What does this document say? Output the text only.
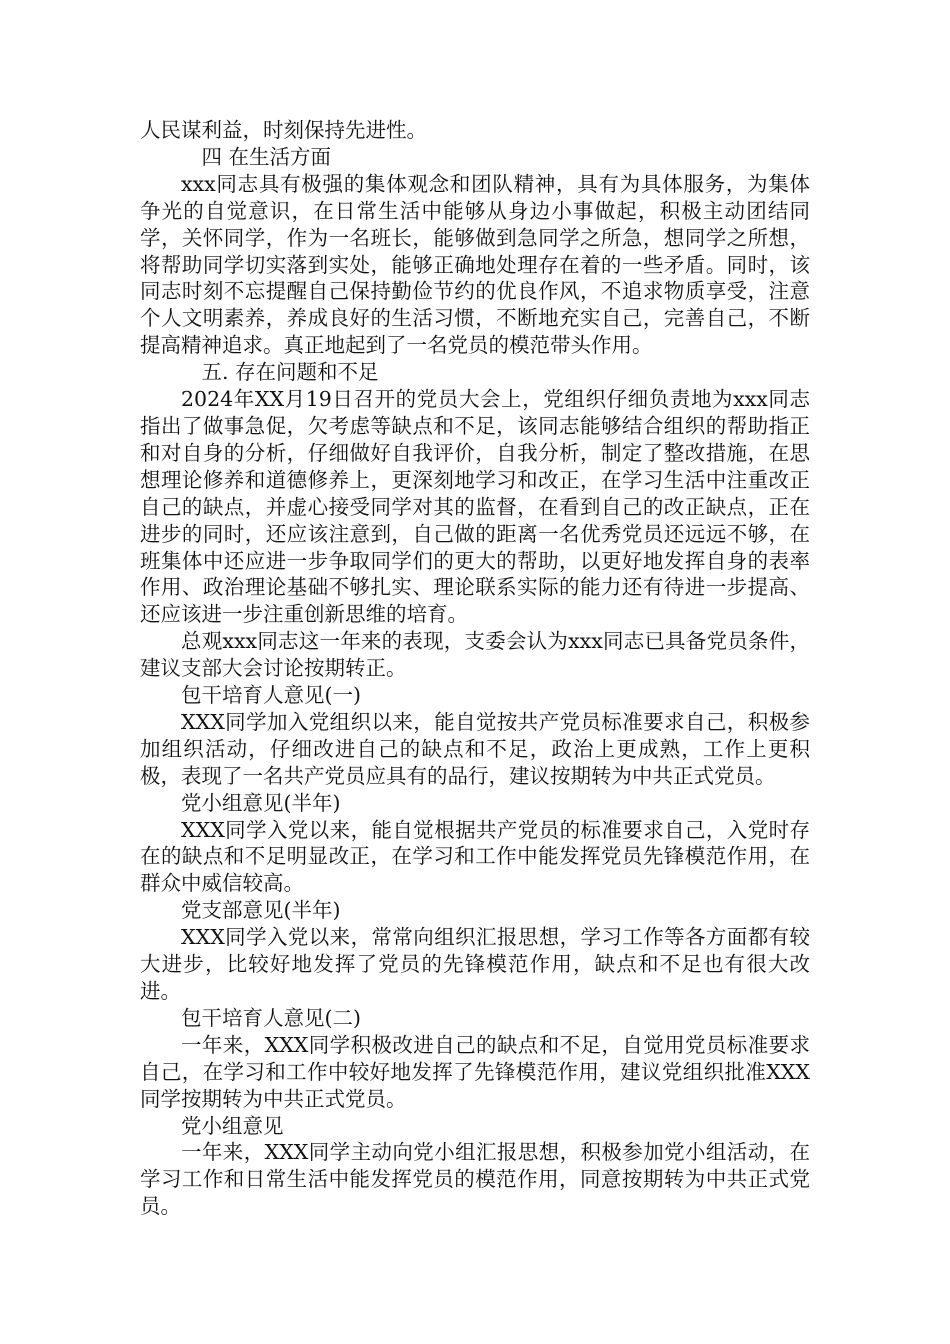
人民谋利益，时刻保持先进性。

四 在生活方面

xxx同志具有极强的集体观念和团队精神，具有为具体服务，为集体争光的自觉意识，在日常生活中能够从身边小事做起，积极主动团结同学，关怀同学，作为一名班长，能够做到急同学之所急，想同学之所想，将帮助同学切实落到实处，能够正确地处理存在着的一些矛盾。同时，该同志时刻不忘提醒自己保持勤俭节约的优良作风，不追求物质享受，注意个人文明素养，养成良好的生活习惯，不断地充实自己，完善自己，不断提高精神追求。真正地起到了一名党员的模范带头作用。

五. 存在问题和不足

2024年XX月19日召开的党员大会上，党组织仔细负责地为xxx同志指出了做事急促，欠考虑等缺点和不足，该同志能够结合组织的帮助指正和对自身的分析，仔细做好自我评价，自我分析，制定了整改措施，在思想理论修养和道德修养上，更深刻地学习和改正，在学习生活中注重改正自己的缺点，并虚心接受同学对其的监督，在看到自己的改正缺点，正在进步的同时，还应该注意到，自己做的距离一名优秀党员还远远不够，在班集体中还应进一步争取同学们的更大的帮助，以更好地发挥自身的表率作用、政治理论基础不够扎实、理论联系实际的能力还有待进一步提高、还应该进一步注重创新思维的培育。

总观xxx同志这一年来的表现，支委会认为xxx同志已具备党员条件，建议支部大会讨论按期转正。

包干培育人意见(一)

XXX同学加入党组织以来，能自觉按共产党员标准要求自己，积极参加组织活动，仔细改进自己的缺点和不足，政治上更成熟，工作上更积极，表现了一名共产党员应具有的品行，建议按期转为中共正式党员。

党小组意见(半年)

XXX同学入党以来，能自觉根据共产党员的标准要求自己，入党时存在的缺点和不足明显改正，在学习和工作中能发挥党员先锋模范作用，在群众中威信较高。

党支部意见(半年)

XXX同学入党以来，常常向组织汇报思想，学习工作等各方面都有较大进步，比较好地发挥了党员的先锋模范作用，缺点和不足也有很大改进。

包干培育人意见(二)

一年来，XXX同学积极改进自己的缺点和不足，自觉用党员标准要求自己，在学习和工作中较好地发挥了先锋模范作用，建议党组织批准XXX同学按期转为中共正式党员。

党小组意见

一年来，XXX同学主动向党小组汇报思想，积极参加党小组活动，在学习工作和日常生活中能发挥党员的模范作用，同意按期转为中共正式党员。
